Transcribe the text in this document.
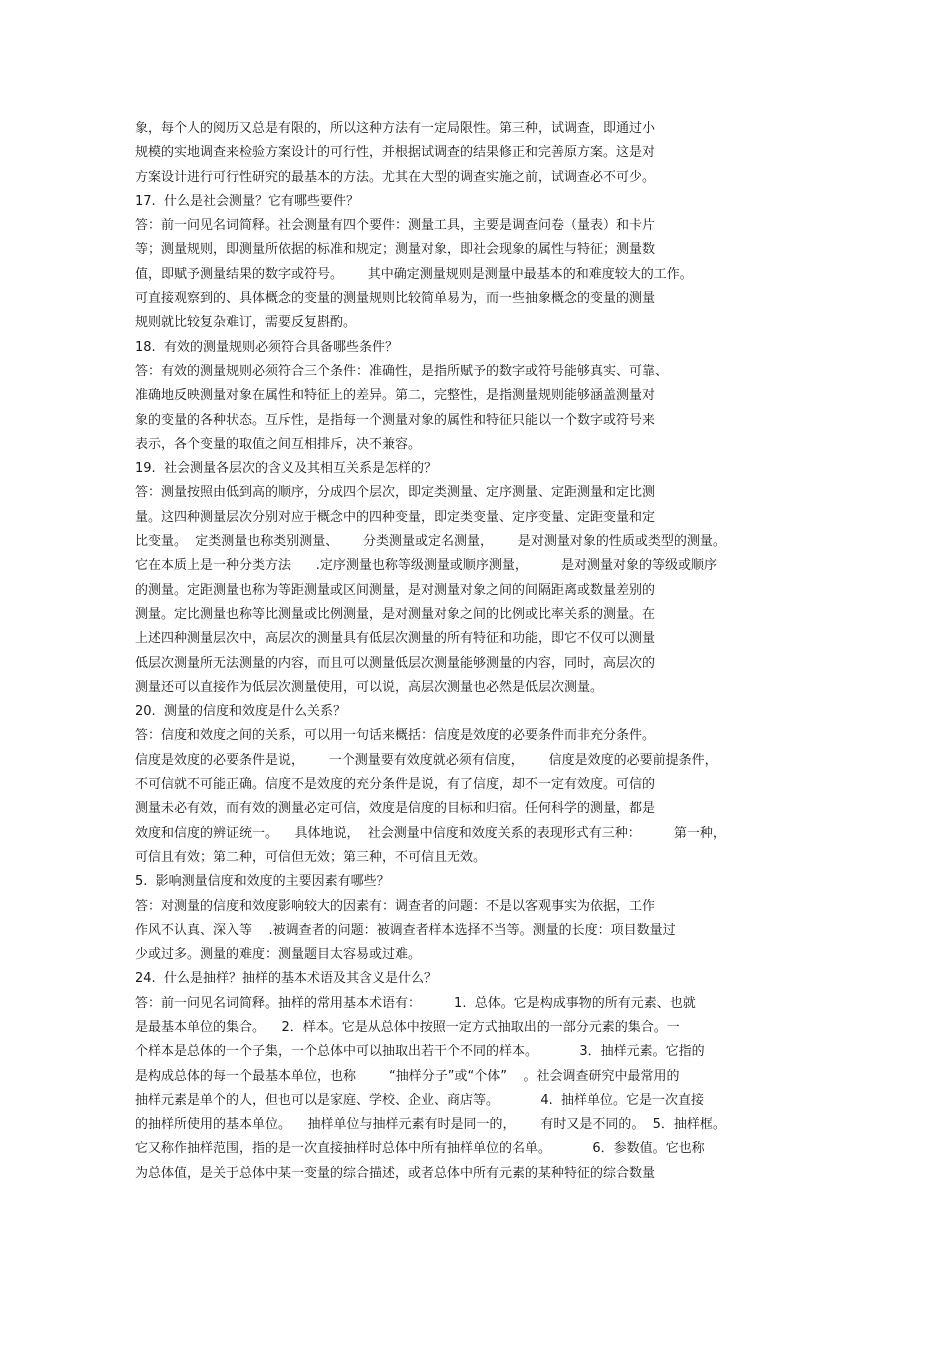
象，每个人的阅历又总是有限的，所以这种方法有一定局限性。第三种，试调查，即通过小
规模的实地调查来检验方案设计的可行性，并根据试调查的结果修正和完善原方案。这是对
方案设计进行可行性研究的最基本的方法。尤其在大型的调查实施之前，试调查必不可少。
17.  什么是社会测量？它有哪些要件？
答：前一问见名词简释。社会测量有四个要件：测量工具，主要是调查问卷（量表）和卡片
等；测量规则，即测量所依据的标准和规定；测量对象，即社会现象的属性与特征；测量数
值，即赋予测量结果的数字或符号。      其中确定测量规则是测量中最基本的和难度较大的工作。
可直接观察到的、具体概念的变量的测量规则比较简单易为，而一些抽象概念的变量的测量
规则就比较复杂难订，需要反复斟酌。
18.  有效的测量规则必须符合具备哪些条件？
答：有效的测量规则必须符合三个条件：准确性，是指所赋予的数字或符号能够真实、可靠、
准确地反映测量对象在属性和特征上的差异。第二，完整性，是指测量规则能够涵盖测量对
象的变量的各种状态。互斥性，是指每一个测量对象的属性和特征只能以一个数字或符号来
表示，各个变量的取值之间互相排斥，决不兼容。
19.  社会测量各层次的含义及其相互关系是怎样的？
答：测量按照由低到高的顺序，分成四个层次，即定类测量、定序测量、定距测量和定比测
量。这四种测量层次分别对应于概念中的四种变量，即定类变量、定序变量、定距变量和定
比变量。  定类测量也称类别测量、      分类测量或定名测量，      是对测量对象的性质或类型的测量。
它在本质上是一种分类方法      .定序测量也称等级测量或顺序测量，        是对测量对象的等级或顺序
的测量。定距测量也称为等距测量或区间测量，是对测量对象之间的间隔距离或数量差别的
测量。定比测量也称等比测量或比例测量，是对测量对象之间的比例或比率关系的测量。在
上述四种测量层次中，高层次的测量具有低层次测量的所有特征和功能，即它不仅可以测量
低层次测量所无法测量的内容，而且可以测量低层次测量能够测量的内容，同时，高层次的
测量还可以直接作为低层次测量使用，可以说，高层次测量也必然是低层次测量。
20.  测量的信度和效度是什么关系？
答：信度和效度之间的关系，可以用一句话来概括：信度是效度的必要条件而非充分条件。
信度是效度的必要条件是说，      一个测量要有效度就必须有信度，      信度是效度的必要前提条件，
不可信就不可能正确。信度不是效度的充分条件是说，有了信度，却不一定有效度。可信的
测量未必有效，而有效的测量必定可信，效度是信度的目标和归宿。任何科学的测量，都是
效度和信度的辨证统一。    具体地说，  社会测量中信度和效度关系的表现形式有三种：        第一种，
可信且有效；第二种，可信但无效；第三种，不可信且无效。
5.  影响测量信度和效度的主要因素有哪些？
答：对测量的信度和效度影响较大的因素有：调查者的问题：不是以客观事实为依据，工作
作风不认真、深入等    .被调查者的问题：被调查者样本选择不当等。测量的长度：项目数量过
少或过多。测量的难度：测量题目太容易或过难。
24.  什么是抽样？抽样的基本术语及其含义是什么？
答：前一问见名词简释。抽样的常用基本术语有：        1.  总体。它是构成事物的所有元素、也就
是最基本单位的集合。    2．样本。它是从总体中按照一定方式抽取出的一部分元素的集合。一
个样本是总体的一个子集，一个总体中可以抽取出若干个不同的样本。          3．抽样元素。它指的
是构成总体的每一个最基本单位，也称        “抽样分子”或“个体”    。社会调查研究中最常用的
抽样元素是单个的人，但也可以是家庭、学校、企业、商店等。          4.  抽样单位。它是一次直接
的抽样所使用的基本单位。    抽样单位与抽样元素有时是同一的，      有时又是不同的。  5．抽样框。
它又称作抽样范围，指的是一次直接抽样时总体中所有抽样单位的名单。          6．参数值。它也称
为总体值，是关于总体中某一变量的综合描述，或者总体中所有元素的某种特征的综合数量
